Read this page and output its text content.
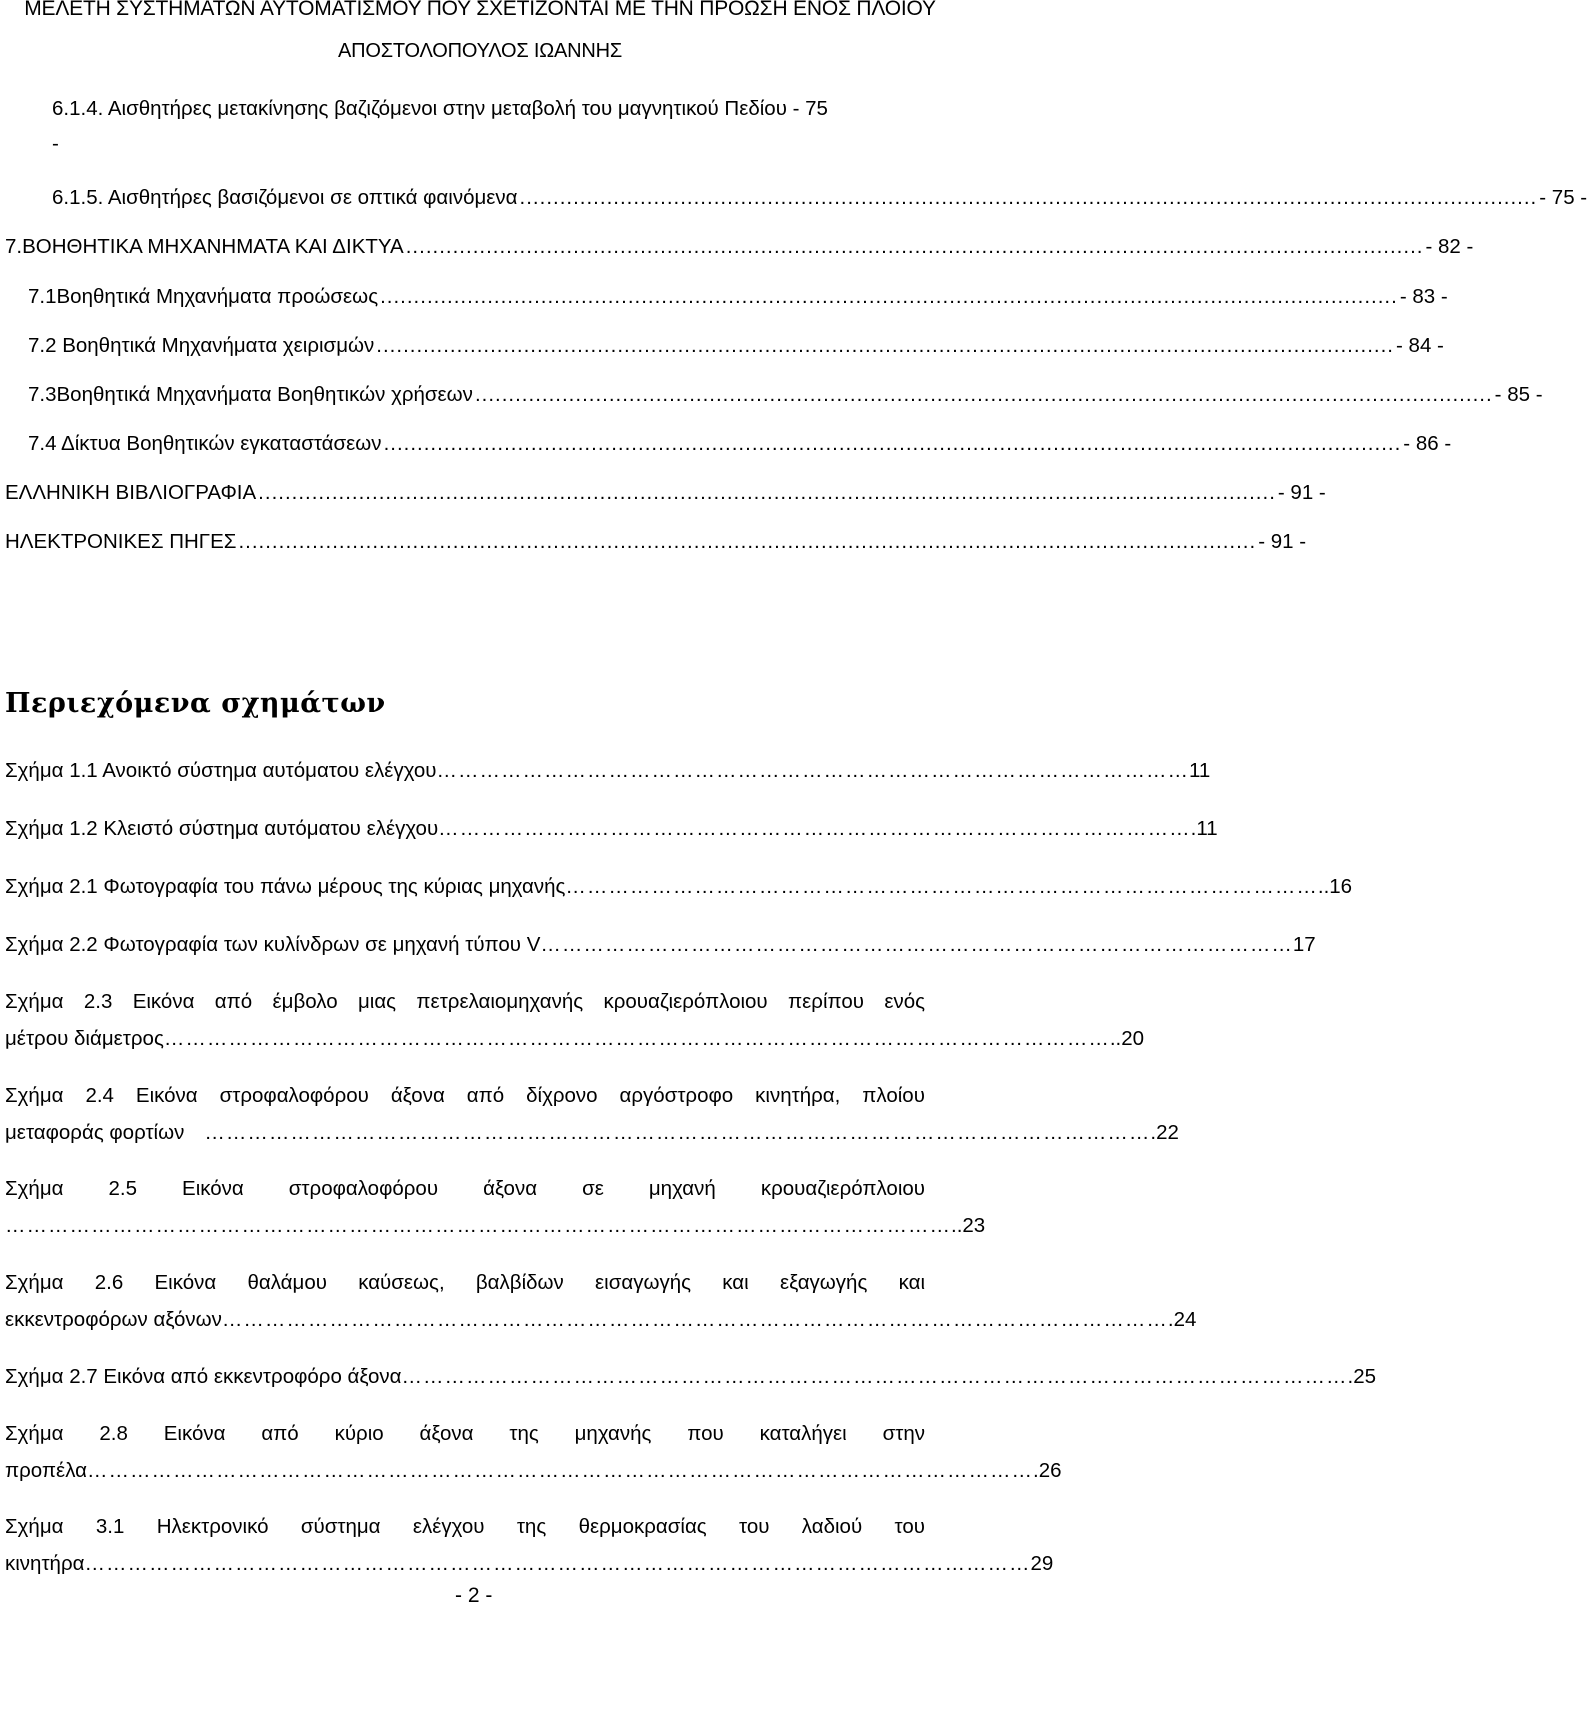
ΜΕΛΕΤΗ ΣΥΣΤΗΜΑΤΩΝ ΑΥΤΟΜΑΤΙΣΜΟΥ ΠΟΥ ΣΧΕΤΙΖΟΝΤΑΙ ΜΕ ΤΗΝ ΠΡΟΩΣΗ ΕΝΟΣ ΠΛΟΙΟΥ
ΑΠΟΣΤΟΛΟΠΟΥΛΟΣ ΙΩΑΝΝΗΣ
6.1.4. Αισθητήρες μετακίνησης βαζιζόμενοι στην μεταβολή του μαγνητικού Πεδίου - 75
-
6.1.5. Αισθητήρες βασιζόμενοι σε οπτικά φαινόμενα ........................................................................................................................................................ - 75 -
7.ΒΟΗΘΗΤΙΚΑ ΜΗΧΑΝΗΜΑΤΑ ΚΑΙ ΔΙΚΤΥΑ ........................................................................................................................................................ - 82 -
7.1Βοηθητικά Μηχανήματα προώσεως ........................................................................................................................................................ - 83 -
7.2 Βοηθητικά Μηχανήματα χειρισμών ........................................................................................................................................................ - 84 -
7.3Βοηθητικά Μηχανήματα Βοηθητικών χρήσεων ........................................................................................................................................................ - 85 -
7.4 Δίκτυα Βοηθητικών εγκαταστάσεων ........................................................................................................................................................ - 86 -
ΕΛΛΗΝΙΚΗ ΒΙΒΛΙΟΓΡΑΦΙΑ ........................................................................................................................................................ - 91 -
ΗΛΕΚΤΡΟΝΙΚΕΣ ΠΗΓΕΣ ........................................................................................................................................................ - 91 -
Περιεχόμενα σχημάτων
Σχήμα 1.1 Ανοικτό σύστημα αυτόματου ελέγχου …………………………………………………………………………………………… 11
Σχήμα 1.2 Κλειστό σύστημα αυτόματου ελέγχου …………………………………………………………………………………………… .11
Σχήμα 2.1 Φωτογραφία του πάνω μέρους της κύριας μηχανής …………………………………………………………………………………………… ..16
Σχήμα 2.2 Φωτογραφία των κυλίνδρων σε μηχανή τύπου V …………………………………………………………………………………………… 17
Σχήμα 2.3 Εικόνα από έμβολο μιας πετρελαιομηχανής κρουαζιερόπλοιου περίπου ενός
μέτρου διάμετρος …………………………………………………………………………………………………………………… ..20
Σχήμα 2.4 Εικόνα στροφαλοφόρου άξονα από δίχρονο αργόστροφο κινητήρα, πλοίου
μεταφοράς φορτίων …………………………………………………………………………………………………………………… .22
Σχήμα 2.5 Εικόνα στροφαλοφόρου άξονα σε μηχανή κρουαζιερόπλοιου
…………………………………………………………………………………………………………………… ..23
Σχήμα 2.6 Εικόνα θαλάμου καύσεως, βαλβίδων εισαγωγής και εξαγωγής και
εκκεντροφόρων αξόνων …………………………………………………………………………………………………………………… .24
Σχήμα 2.7 Εικόνα από εκκεντροφόρο άξονα …………………………………………………………………………………………………………………… .25
Σχήμα 2.8 Εικόνα από κύριο άξονα της μηχανής που καταλήγει στην
προπέλα …………………………………………………………………………………………………………………… .26
Σχήμα 3.1 Ηλεκτρονικό σύστημα ελέγχου της θερμοκρασίας του λαδιού του
κινητήρα …………………………………………………………………………………………………………………… 29
- 2 -
